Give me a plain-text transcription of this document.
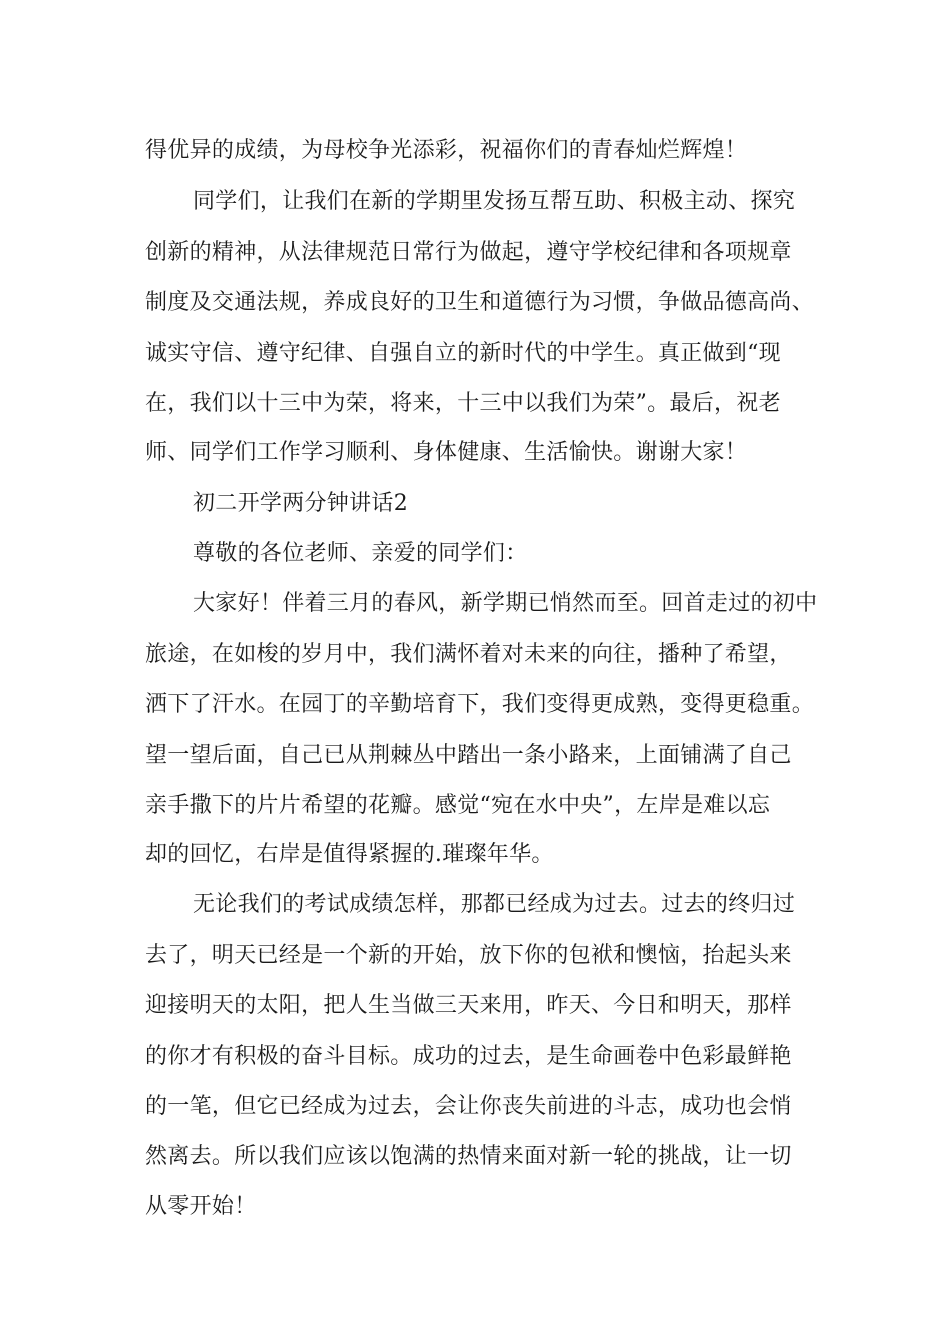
得优异的成绩，为母校争光添彩，祝福你们的青春灿烂辉煌！
同学们，让我们在新的学期里发扬互帮互助、积极主动、探究
创新的精神，从法律规范日常行为做起，遵守学校纪律和各项规章
制度及交通法规，养成良好的卫生和道德行为习惯，争做品德高尚、
诚实守信、遵守纪律、自强自立的新时代的中学生。真正做到“现
在，我们以十三中为荣，将来，十三中以我们为荣”。最后，祝老
师、同学们工作学习顺利、身体健康、生活愉快。谢谢大家！
初二开学两分钟讲话2
尊敬的各位老师、亲爱的同学们：
大家好！伴着三月的春风，新学期已悄然而至。回首走过的初中
旅途，在如梭的岁月中，我们满怀着对未来的向往，播种了希望，
洒下了汗水。在园丁的辛勤培育下，我们变得更成熟，变得更稳重。
望一望后面，自己已从荆棘丛中踏出一条小路来，上面铺满了自己
亲手撒下的片片希望的花瓣。感觉“宛在水中央”，左岸是难以忘
却的回忆，右岸是值得紧握的.璀璨年华。
无论我们的考试成绩怎样，那都已经成为过去。过去的终归过
去了，明天已经是一个新的开始，放下你的包袱和懊恼，抬起头来
迎接明天的太阳，把人生当做三天来用，昨天、今日和明天，那样
的你才有积极的奋斗目标。成功的过去，是生命画卷中色彩最鲜艳
的一笔，但它已经成为过去，会让你丧失前进的斗志，成功也会悄
然离去。所以我们应该以饱满的热情来面对新一轮的挑战，让一切
从零开始！
